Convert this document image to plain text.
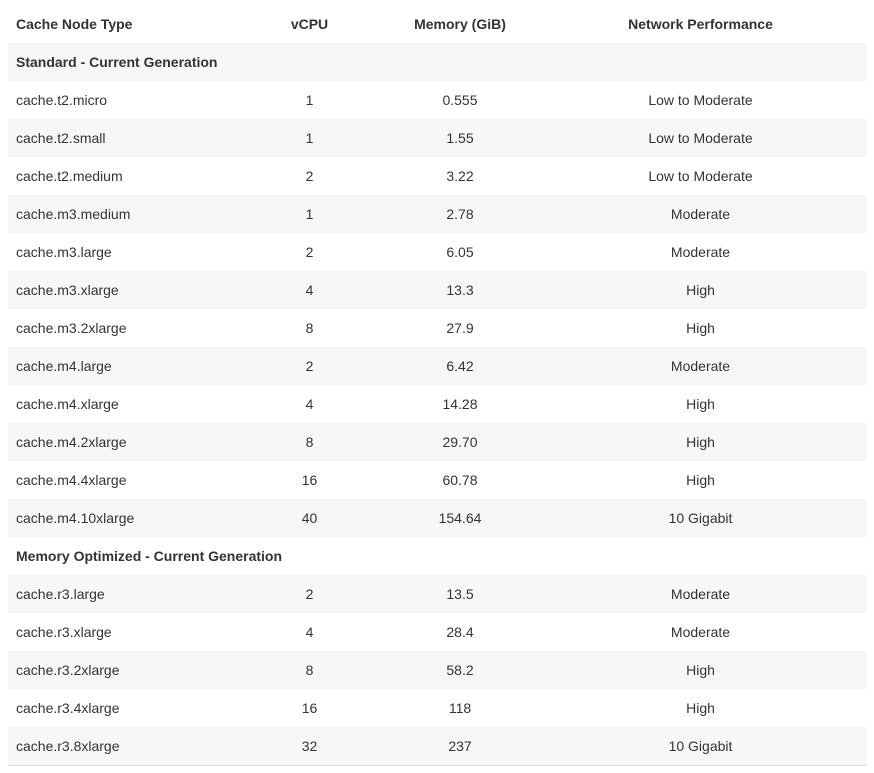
Cache Node Type	vCPU	Memory (GiB)	Network Performance
Standard - Current Generation			
cache.t2.micro	1	0.555	Low to Moderate
cache.t2.small	1	1.55	Low to Moderate
cache.t2.medium	2	3.22	Low to Moderate
cache.m3.medium	1	2.78	Moderate
cache.m3.large	2	6.05	Moderate
cache.m3.xlarge	4	13.3	High
cache.m3.2xlarge	8	27.9	High
cache.m4.large	2	6.42	Moderate
cache.m4.xlarge	4	14.28	High
cache.m4.2xlarge	8	29.70	High
cache.m4.4xlarge	16	60.78	High
cache.m4.10xlarge	40	154.64	10 Gigabit
Memory Optimized - Current Generation			
cache.r3.large	2	13.5	Moderate
cache.r3.xlarge	4	28.4	Moderate
cache.r3.2xlarge	8	58.2	High
cache.r3.4xlarge	16	118	High
cache.r3.8xlarge	32	237	10 Gigabit
